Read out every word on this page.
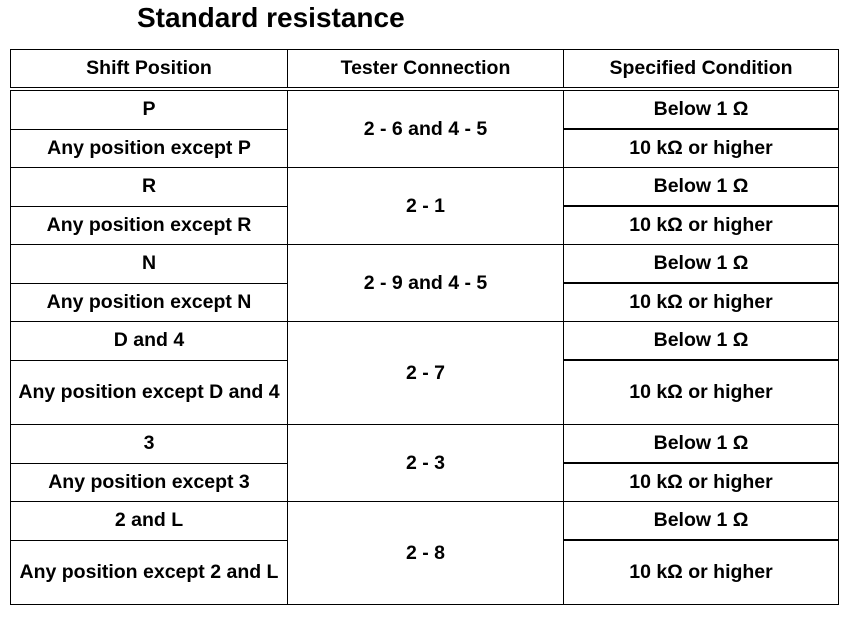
Standard resistance
Shift Position	Tester Connection	Specified Condition
P	2 - 6 and 4 - 5	Below 1 Ω
Any position except P		10 kΩ or higher
R	2 - 1	Below 1 Ω
Any position except R		10 kΩ or higher
N	2 - 9 and 4 - 5	Below 1 Ω
Any position except N		10 kΩ or higher
D and 4	2 - 7	Below 1 Ω
Any position except D and 4		10 kΩ or higher
3	2 - 3	Below 1 Ω
Any position except 3		10 kΩ or higher
2 and L	2 - 8	Below 1 Ω
Any position except 2 and L		10 kΩ or higher
